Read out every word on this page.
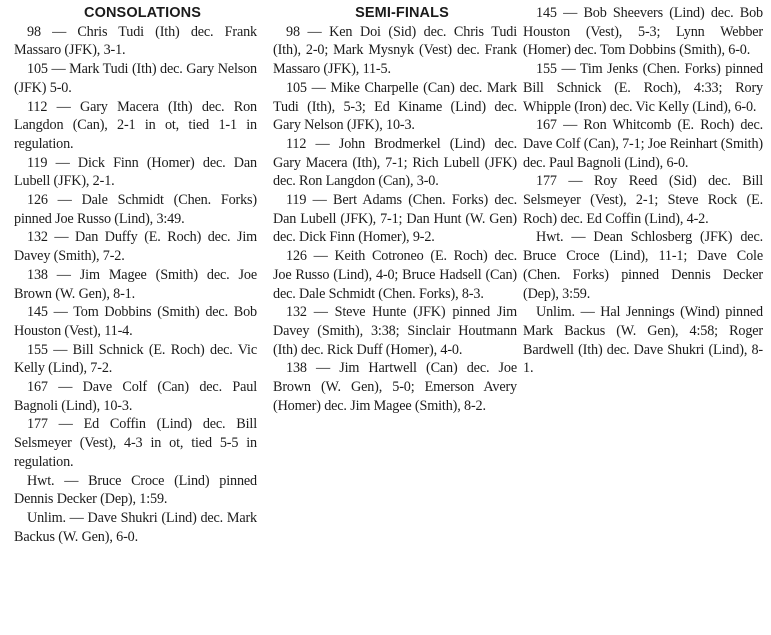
CONSOLATIONS

98 — Chris Tudi (Ith) dec. Frank Massaro (JFK), 3-1.

105 — Mark Tudi (Ith) dec. Gary Nelson (JFK) 5-0.

112 — Gary Macera (Ith) dec. Ron Langdon (Can), 2-1 in ot, tied 1-1 in regulation.

119 — Dick Finn (Homer) dec. Dan Lubell (JFK), 2-1.

126 — Dale Schmidt (Chen. Forks) pinned Joe Russo (Lind), 3:49.

132 — Dan Duffy (E. Roch) dec. Jim Davey (Smith), 7-2.

138 — Jim Magee (Smith) dec. Joe Brown (W. Gen), 8-1.

145 — Tom Dobbins (Smith) dec. Bob Houston (Vest), 11-4.

155 — Bill Schnick (E. Roch) dec. Vic Kelly (Lind), 7-2.

167 — Dave Colf (Can) dec. Paul Bagnoli (Lind), 10-3.

177 — Ed Coffin (Lind) dec. Bill Selsmeyer (Vest), 4-3 in ot, tied 5-5 in regulation.

Hwt. — Bruce Croce (Lind) pinned Dennis Decker (Dep), 1:59.

Unlim. — Dave Shukri (Lind) dec. Mark Backus (W. Gen), 6-0.

SEMI-FINALS

98 — Ken Doi (Sid) dec. Chris Tudi (Ith), 2-0; Mark Mysnyk (Vest) dec. Frank Massaro (JFK), 11-5.

105 — Mike Charpelle (Can) dec. Mark Tudi (Ith), 5-3; Ed Kiname (Lind) dec. Gary Nelson (JFK), 10-3.

112 — John Brodmerkel (Lind) dec. Gary Macera (Ith), 7-1; Rich Lubell (JFK) dec. Ron Langdon (Can), 3-0.

119 — Bert Adams (Chen. Forks) dec. Dan Lubell (JFK), 7-1; Dan Hunt (W. Gen) dec. Dick Finn (Homer), 9-2.

126 — Keith Cotroneo (E. Roch) dec. Joe Russo (Lind), 4-0; Bruce Hadsell (Can) dec. Dale Schmidt (Chen. Forks), 8-3.

132 — Steve Hunte (JFK) pinned Jim Davey (Smith), 3:38; Sinclair Houtmann (Ith) dec. Rick Duff (Homer), 4-0.

138 — Jim Hartwell (Can) dec. Joe Brown (W. Gen), 5-0; Emerson Avery (Homer) dec. Jim Magee (Smith), 8-2.

145 — Bob Sheevers (Lind) dec. Bob Houston (Vest), 5-3; Lynn Webber (Homer) dec. Tom Dobbins (Smith), 6-0.

155 — Tim Jenks (Chen. Forks) pinned Bill Schnick (E. Roch), 4:33; Rory Whipple (Iron) dec. Vic Kelly (Lind), 6-0.

167 — Ron Whitcomb (E. Roch) dec. Dave Colf (Can), 7-1; Joe Reinhart (Smith) dec. Paul Bagnoli (Lind), 6-0.

177 — Roy Reed (Sid) dec. Bill Selsmeyer (Vest), 2-1; Steve Rock (E. Roch) dec. Ed Coffin (Lind), 4-2.

Hwt. — Dean Schlosberg (JFK) dec. Bruce Croce (Lind), 11-1; Dave Cole (Chen. Forks) pinned Dennis Decker (Dep), 3:59.

Unlim. — Hal Jennings (Wind) pinned Mark Backus (W. Gen), 4:58; Roger Bardwell (Ith) dec. Dave Shukri (Lind), 8-1.
